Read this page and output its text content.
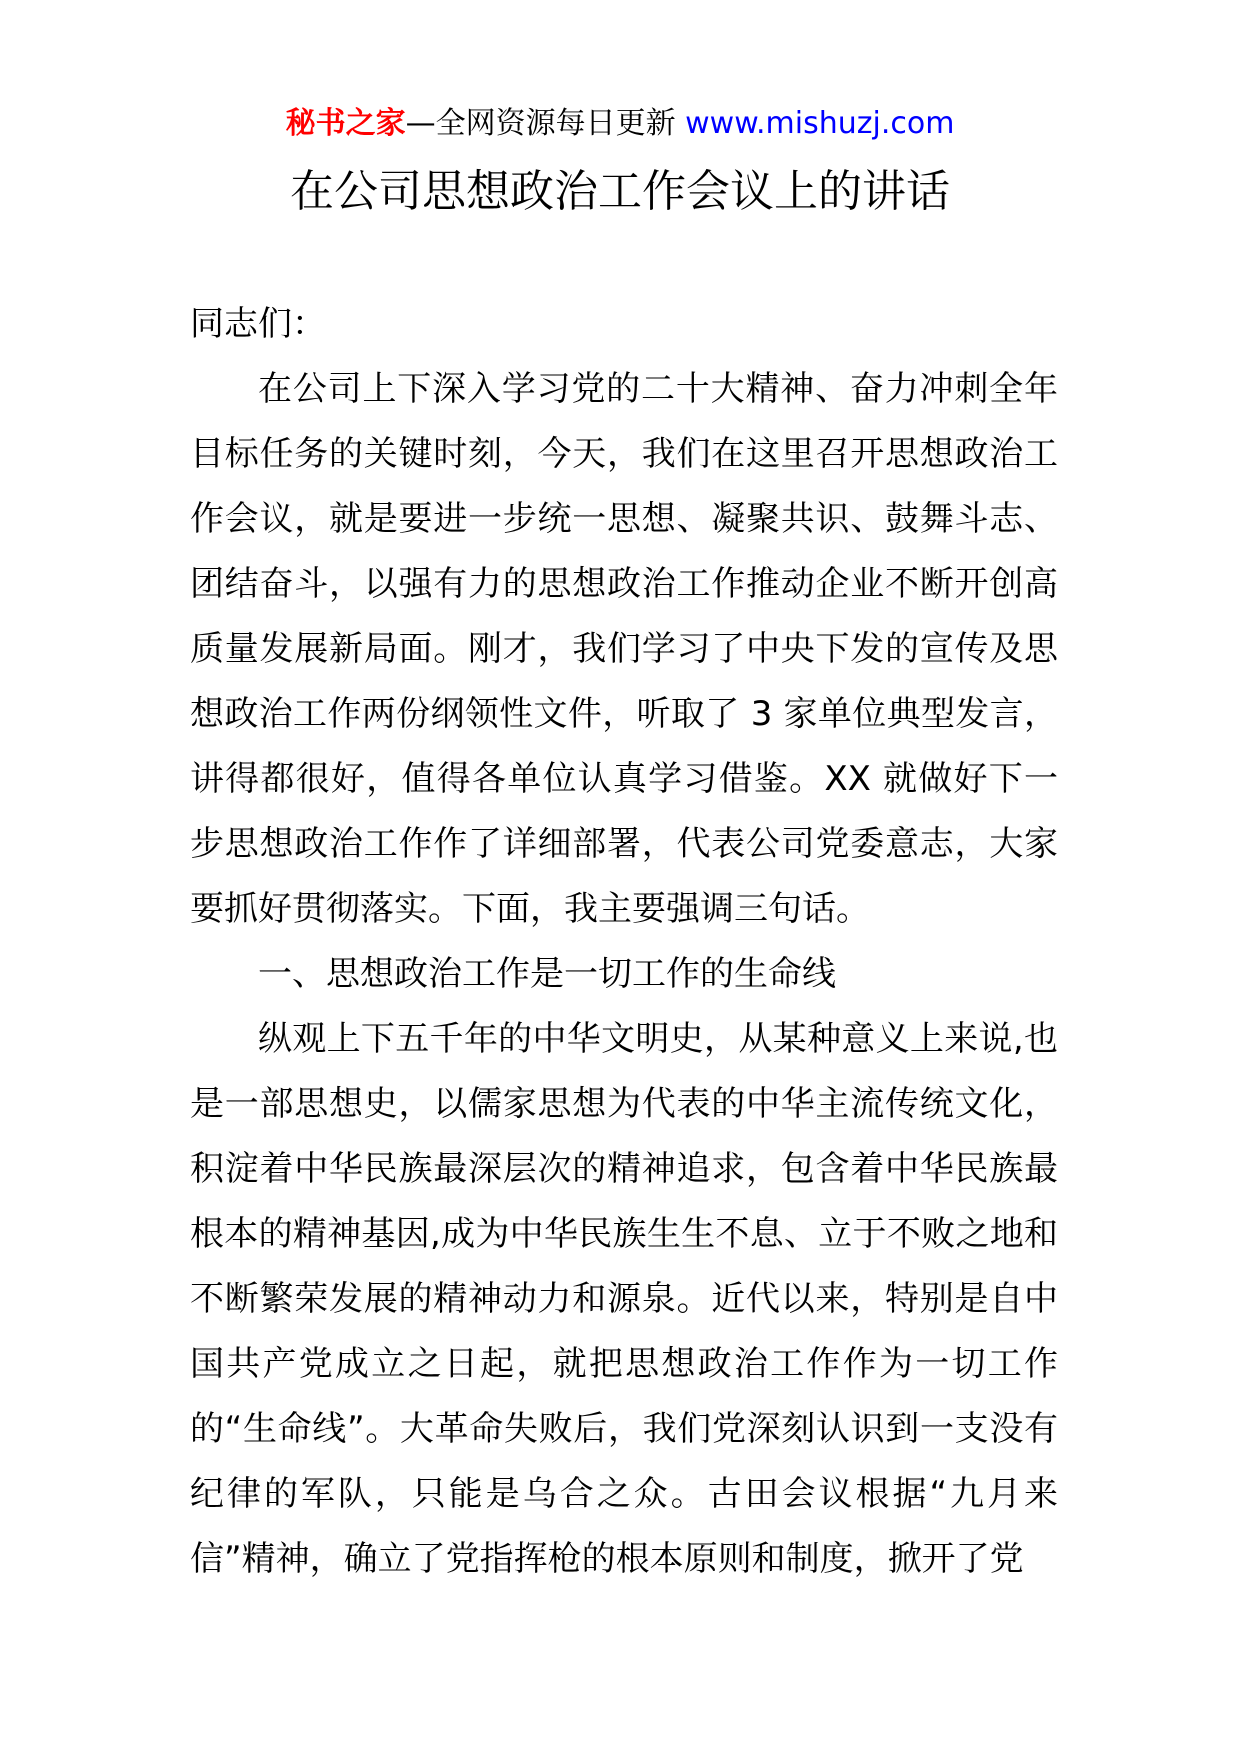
秘书之家—全网资源每日更新 www.mishuzj.com
在公司思想政治工作会议上的讲话

同志们：

在公司上下深入学习党的二十大精神、奋力冲刺全年目标任务的关键时刻，今天，我们在这里召开思想政治工作会议，就是要进一步统一思想、凝聚共识、鼓舞斗志、团结奋斗，以强有力的思想政治工作推动企业不断开创高质量发展新局面。刚才，我们学习了中央下发的宣传及思想政治工作两份纲领性文件，听取了 3 家单位典型发言，讲得都很好，值得各单位认真学习借鉴。XX 就做好下一步思想政治工作作了详细部署，代表公司党委意志，大家要抓好贯彻落实。下面，我主要强调三句话。

一、思想政治工作是一切工作的生命线

纵观上下五千年的中华文明史，从某种意义上来说,也是一部思想史，以儒家思想为代表的中华主流传统文化，积淀着中华民族最深层次的精神追求，包含着中华民族最根本的精神基因,成为中华民族生生不息、立于不败之地和不断繁荣发展的精神动力和源泉。近代以来，特别是自中国共产党成立之日起，就把思想政治工作作为一切工作的“生命线”。大革命失败后，我们党深刻认识到一支没有纪律的军队，只能是乌合之众。古田会议根据“九月来信”精神，确立了党指挥枪的根本原则和制度，掀开了党
